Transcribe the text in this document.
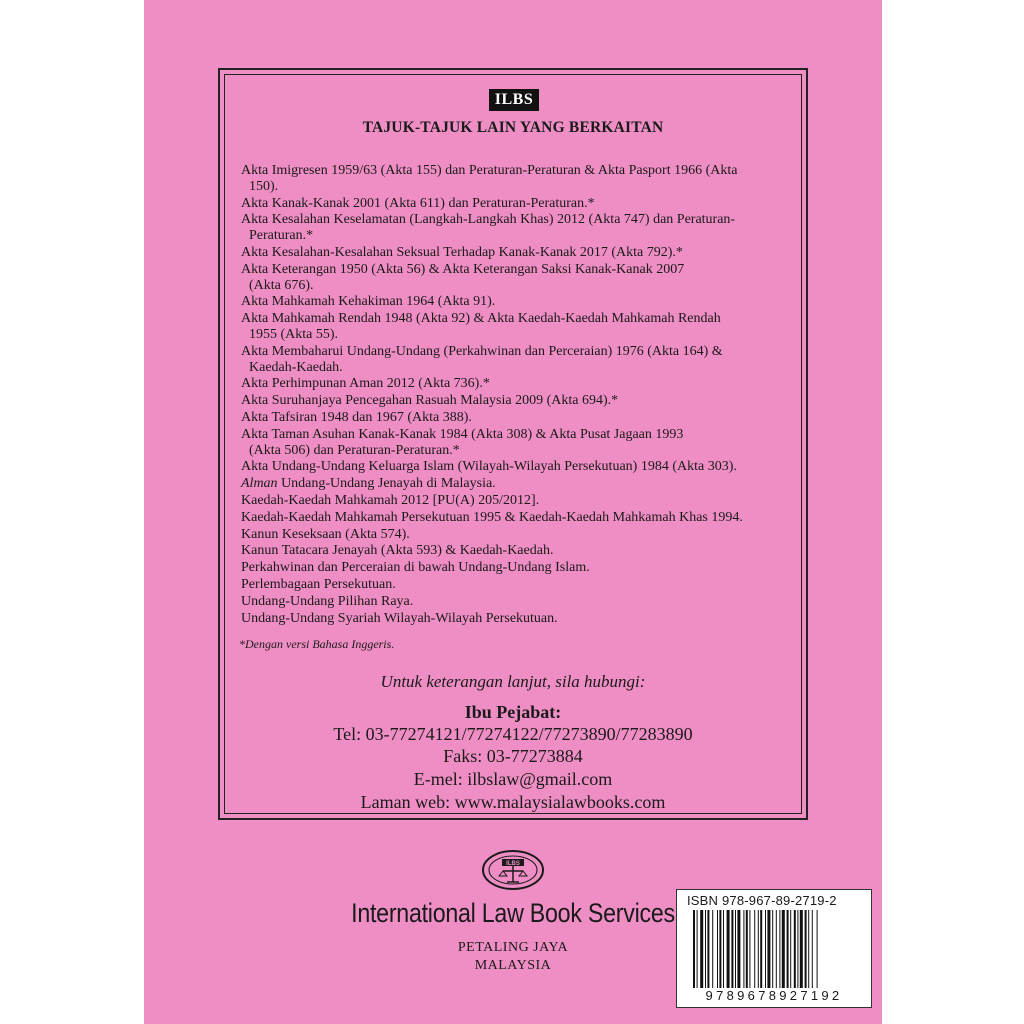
ILBS
TAJUK-TAJUK LAIN YANG BERKAITAN
Akta Imigresen 1959/63 (Akta 155) dan Peraturan-Peraturan & Akta Pasport 1966 (Akta
150).
Akta Kanak-Kanak 2001 (Akta 611) dan Peraturan-Peraturan.*
Akta Kesalahan Keselamatan (Langkah-Langkah Khas) 2012 (Akta 747) dan Peraturan-
Peraturan.*
Akta Kesalahan-Kesalahan Seksual Terhadap Kanak-Kanak 2017 (Akta 792).*
Akta Keterangan 1950 (Akta 56) & Akta Keterangan Saksi Kanak-Kanak 2007
(Akta 676).
Akta Mahkamah Kehakiman 1964 (Akta 91).
Akta Mahkamah Rendah 1948 (Akta 92) & Akta Kaedah-Kaedah Mahkamah Rendah
1955 (Akta 55).
Akta Membaharui Undang-Undang (Perkahwinan dan Perceraian) 1976 (Akta 164) &
Kaedah-Kaedah.
Akta Perhimpunan Aman 2012 (Akta 736).*
Akta Suruhanjaya Pencegahan Rasuah Malaysia 2009 (Akta 694).*
Akta Tafsiran 1948 dan 1967 (Akta 388).
Akta Taman Asuhan Kanak-Kanak 1984 (Akta 308) & Akta Pusat Jagaan 1993
(Akta 506) dan Peraturan-Peraturan.*
Akta Undang-Undang Keluarga Islam (Wilayah-Wilayah Persekutuan) 1984 (Akta 303).
Alman Undang-Undang Jenayah di Malaysia.
Kaedah-Kaedah Mahkamah 2012 [PU(A) 205/2012].
Kaedah-Kaedah Mahkamah Persekutuan 1995 & Kaedah-Kaedah Mahkamah Khas 1994.
Kanun Keseksaan (Akta 574).
Kanun Tatacara Jenayah (Akta 593) & Kaedah-Kaedah.
Perkahwinan dan Perceraian di bawah Undang-Undang Islam.
Perlembagaan Persekutuan.
Undang-Undang Pilihan Raya.
Undang-Undang Syariah Wilayah-Wilayah Persekutuan.
*Dengan versi Bahasa Inggeris.
Untuk keterangan lanjut, sila hubungi:
Ibu Pejabat:
Tel: 03-77274121/77274122/77273890/77283890
Faks: 03-77273884
E-mel: ilbslaw@gmail.com
Laman web: www.malaysialawbooks.com
ILBS
International Law Book Services
PETALING JAYA
MALAYSIA
ISBN 978-967-89-2719-2
9789678927192
